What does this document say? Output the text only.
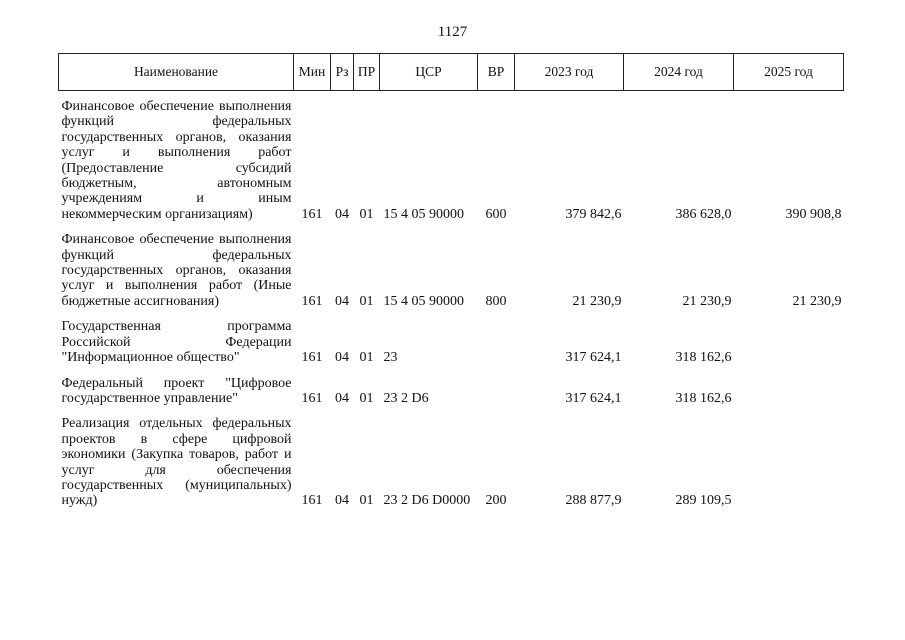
1127
Наименование	Мин	Рз	ПР	ЦСР	ВР	2023 год	2024 год	2025 год
Финансовое обеспечение выполнения функций федеральных государственных органов, оказания услуг и выполнения работ (Предоставление субсидий бюджетным, автономным учреждениям и иным некоммерческим организациям)	161	04	01	15 4 05 90000	600	379 842,6	386 628,0	390 908,8
Финансовое обеспечение выполнения функций федеральных государственных органов, оказания услуг и выполнения работ (Иные бюджетные ассигнования)	161	04	01	15 4 05 90000	800	21 230,9	21 230,9	21 230,9
Государственная программа Российской Федерации "Информационное общество"	161	04	01	23		317 624,1	318 162,6	
Федеральный проект "Цифровое государственное управление"	161	04	01	23 2 D6		317 624,1	318 162,6	
Реализация отдельных федеральных проектов в сфере цифровой экономики (Закупка товаров, работ и услуг для обеспечения государственных (муниципальных) нужд)	161	04	01	23 2 D6 D0000	200	288 877,9	289 109,5	
